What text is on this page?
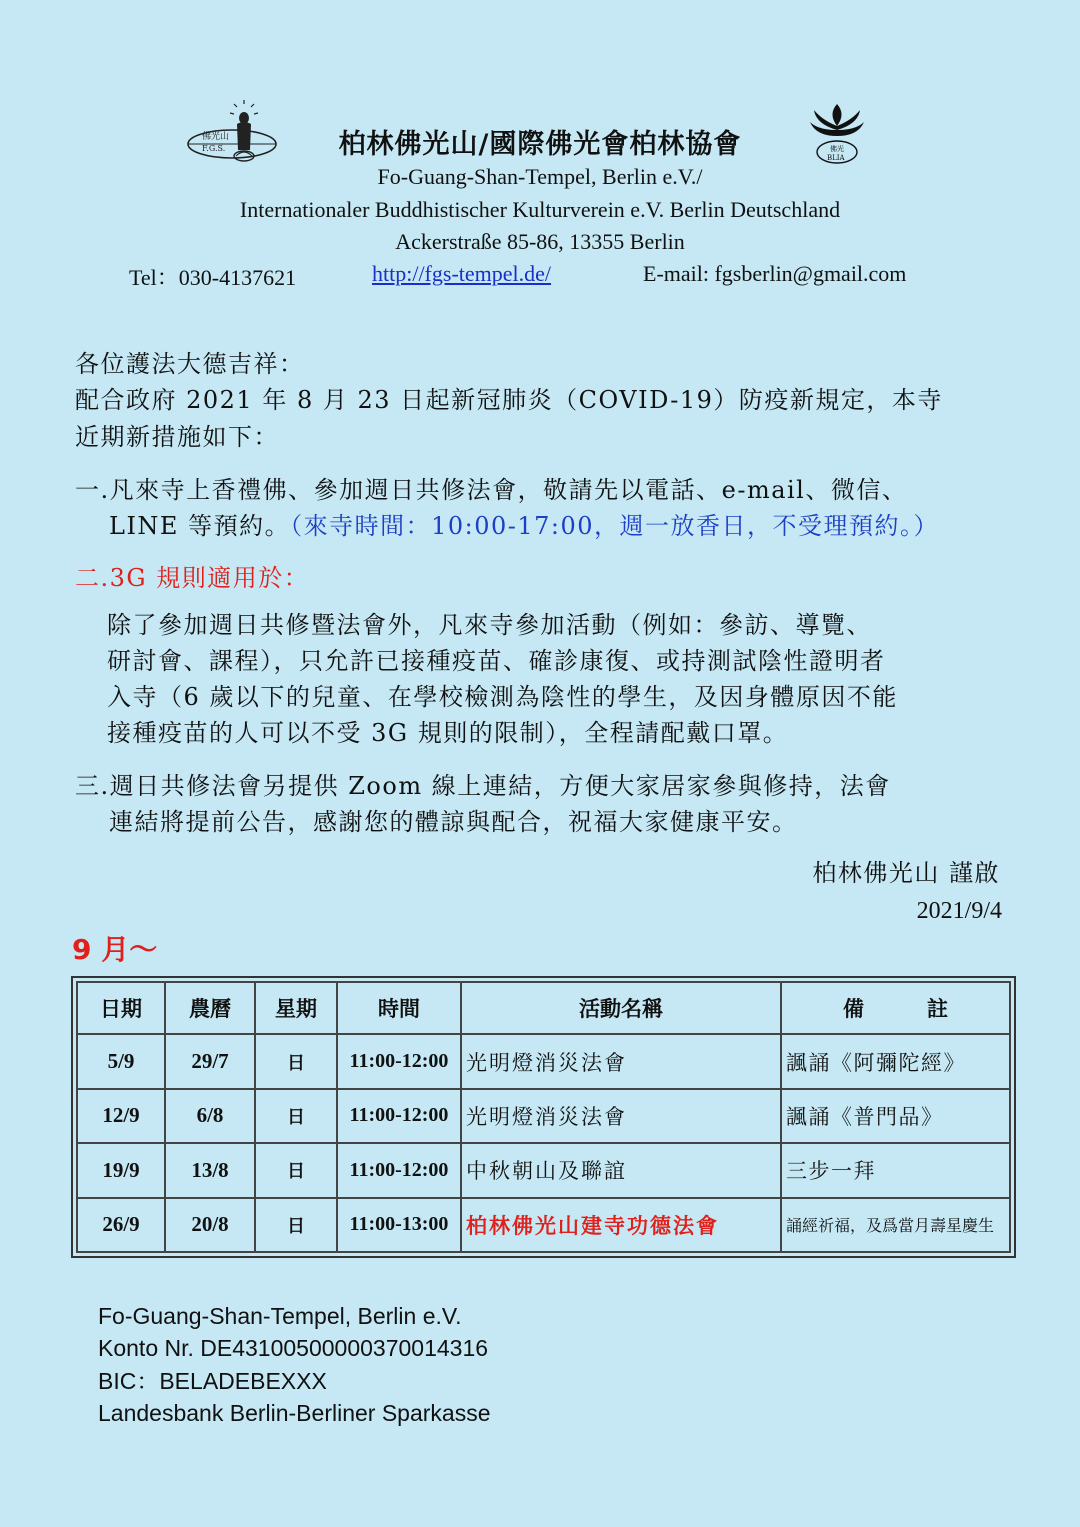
佛光山
F.G.S.	柏林佛光山/國際佛光會柏林協會	佛光
BLIA
Fo-Guang-Shan-Tempel, Berlin e.V./
Internationaler Buddhistischer Kulturverein e.V. Berlin Deutschland
Ackerstraße 85-86, 13355 Berlin
Tel：030-4137621	http://fgs-tempel.de/	E-mail: fgsberlin@gmail.com
各位護法大德吉祥：
配合政府 2021 年 8 月 23 日起新冠肺炎（COVID-19）防疫新規定，本寺
近期新措施如下：
一.凡來寺上香禮佛、參加週日共修法會，敬請先以電話、e-mail、微信、
LINE 等預約。（來寺時間：10:00-17:00，週一放香日，不受理預約。）
二.3G 規則適用於：
除了參加週日共修暨法會外，凡來寺參加活動（例如：參訪、導覽、
研討會、課程），只允許已接種疫苗、確診康復、或持測試陰性證明者
入寺（6 歲以下的兒童、在學校檢測為陰性的學生，及因身體原因不能
接種疫苗的人可以不受 3G 規則的限制），全程請配戴口罩。
三.週日共修法會另提供 Zoom 線上連結，方便大家居家參與修持，法會
連結將提前公告，感謝您的體諒與配合，祝福大家健康平安。
柏林佛光山 謹啟
2021/9/4
9 月～
日期	農曆	星期	時間	活動名稱	備　　　註
5/9	29/7	日	11:00-12:00	光明燈消災法會	諷誦《阿彌陀經》
12/9	6/8	日	11:00-12:00	光明燈消災法會	諷誦《普門品》
19/9	13/8	日	11:00-12:00	中秋朝山及聯誼	三步一拜
26/9	20/8	日	11:00-13:00	柏林佛光山建寺功德法會	誦經祈福，及爲當月壽星慶生
Fo-Guang-Shan-Tempel, Berlin e.V.
Konto Nr. DE43100500000370014316
BIC：BELADEBEXXX
Landesbank Berlin-Berliner Sparkasse
